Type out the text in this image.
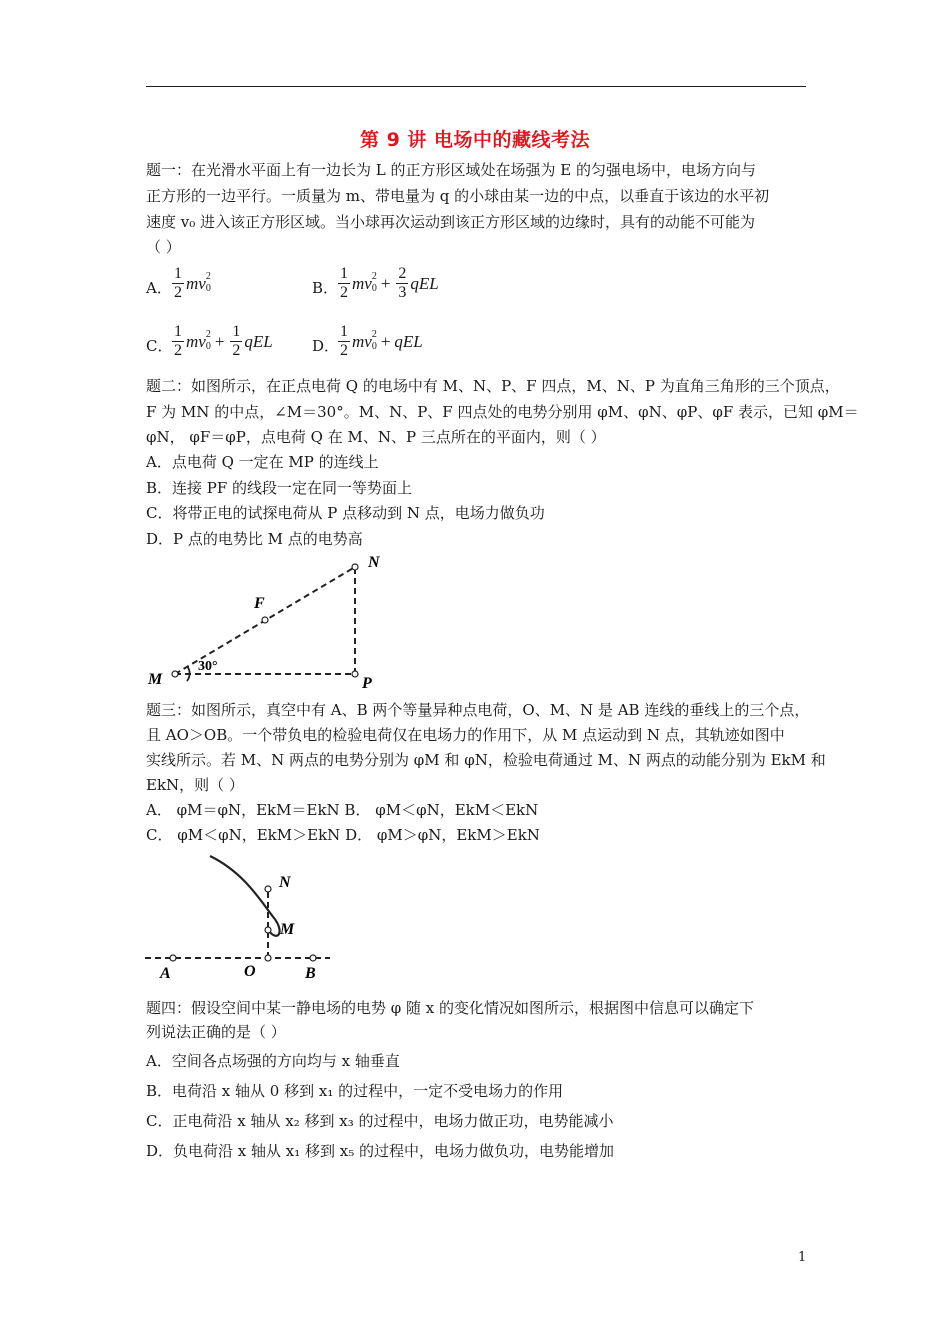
第 9 讲 电场中的藏线考法
题一：在光滑水平面上有一边长为 L 的正方形区域处在场强为 E 的匀强电场中，电场方向与
正方形的一边平行。一质量为 m、带电量为 q 的小球由某一边的中点，以垂直于该边的水平初
速度 v₀ 进入该正方形区域。当小球再次运动到该正方形区域的边缘时，具有的动能不可能为
（ ）
A． $\frac{1}{2}$ mv 2
0	B． $\frac{1}{2}$ mv 2
$0 + \frac{2}{3}$ qEL
C． $\frac{1}{2}$ mv 2
$0 + \frac{1}{2}$ qEL	D．
$\frac{1}{2}$ mv 2
0 + qEL
题二：如图所示，在正点电荷 Q 的电场中有 M、N、P、F 四点，M、N、P 为直角三角形的三个顶点，
F 为 MN 的中点，∠M＝30°。M、N、P、F 四点处的电势分别用 φM、φN、φP、φF 表示，已知 φM＝
φN， φF＝φP，点电荷 Q 在 M、N、P 三点所在的平面内，则（ ）
A．点电荷 Q 一定在 MP 的连线上
B．连接 PF 的线段一定在同一等势面上
C．将带正电的试探电荷从 P 点移动到 N 点，电场力做负功
D．P 点的电势比 M 点的电势高
M	P
N
F
30°
题三：如图所示，真空中有 A、B 两个等量异种点电荷，O、M、N 是 AB 连线的垂线上的三个点，
且 AO＞OB。一个带负电的检验电荷仅在电场力的作用下，从 M 点运动到 N 点，其轨迹如图中
实线所示。若 M、N 两点的电势分别为 φM 和 φN，检验电荷通过 M、N 两点的动能分别为 EkM 和
EkN，则（ ）
A． φM＝φN，EkM＝EkN B． φM＜φN，EkM＜EkN
C． φM＜φN，EkM＞EkN D． φM＞φN，EkM＞EkN
N
M
A	O	B
题四：假设空间中某一静电场的电势 φ 随 x 的变化情况如图所示，根据图中信息可以确定下
列说法正确的是（ ）
A．空间各点场强的方向均与 x 轴垂直
B．电荷沿 x 轴从 0 移到 x₁ 的过程中，一定不受电场力的作用
C．正电荷沿 x 轴从 x₂ 移到 x₃ 的过程中，电场力做正功，电势能减小
D．负电荷沿 x 轴从 x₁ 移到 x₅ 的过程中，电场力做负功，电势能增加
1
